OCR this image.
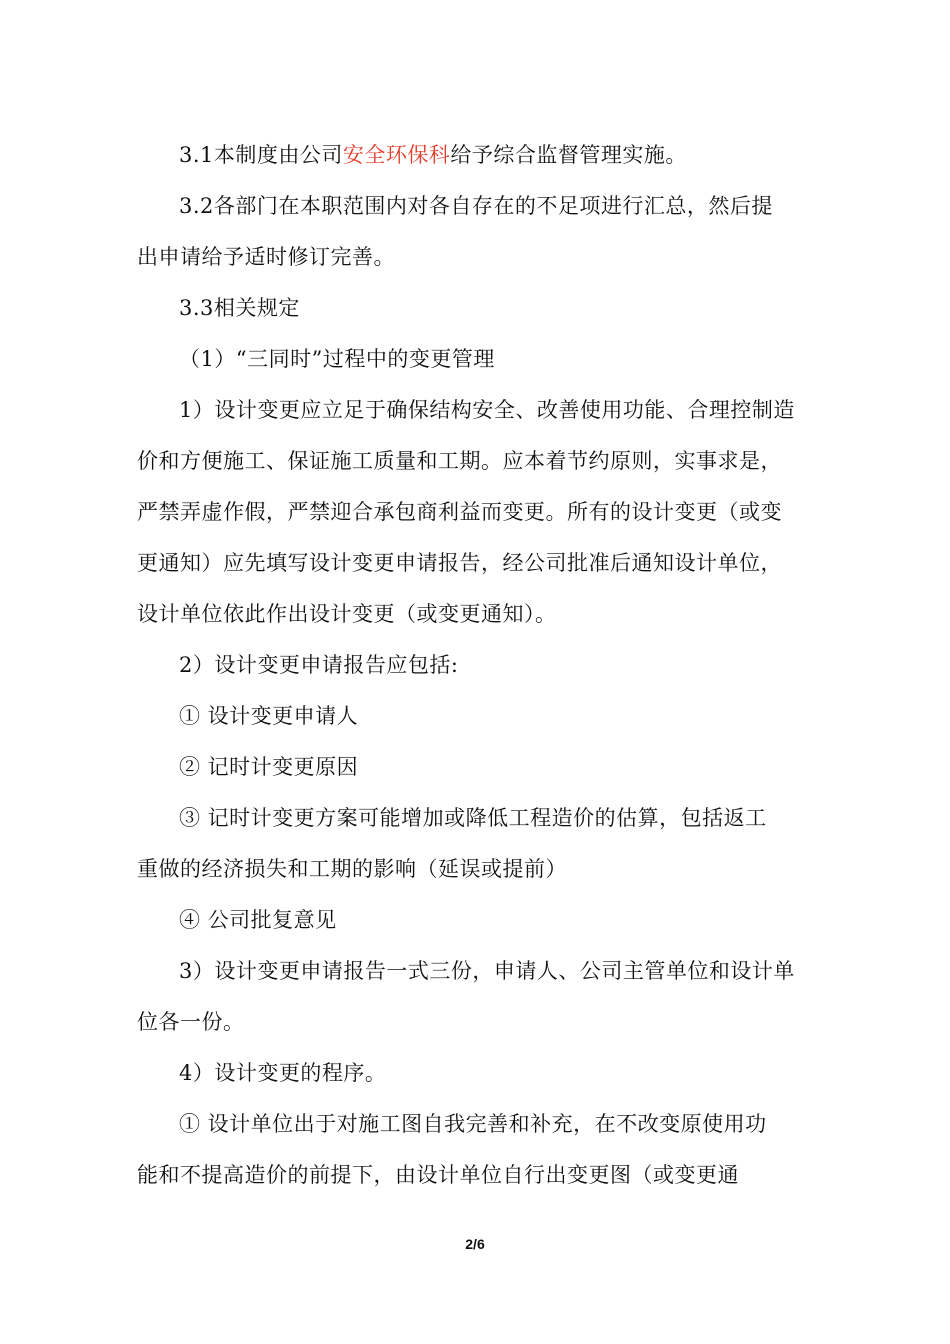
3.1本制度由公司安全环保科给予综合监督管理实施。

3.2各部门在本职范围内对各自存在的不足项进行汇总，然后提
出申请给予适时修订完善。

3.3相关规定

（1）“三同时”过程中的变更管理

1）设计变更应立足于确保结构安全、改善使用功能、合理控制造
价和方便施工、保证施工质量和工期。应本着节约原则，实事求是，
严禁弄虚作假，严禁迎合承包商利益而变更。所有的设计变更（或变
更通知）应先填写设计变更申请报告，经公司批准后通知设计单位，
设计单位依此作出设计变更（或变更通知）。

2）设计变更申请报告应包括:

① 设计变更申请人

② 记时计变更原因

③ 记时计变更方案可能增加或降低工程造价的估算，包括返工
重做的经济损失和工期的影响（延误或提前）

④ 公司批复意见

3）设计变更申请报告一式三份，申请人、公司主管单位和设计单
位各一份。

4）设计变更的程序。

① 设计单位出于对施工图自我完善和补充，在不改变原使用功
能和不提高造价的前提下，由设计单位自行出变更图（或变更通

2/6
